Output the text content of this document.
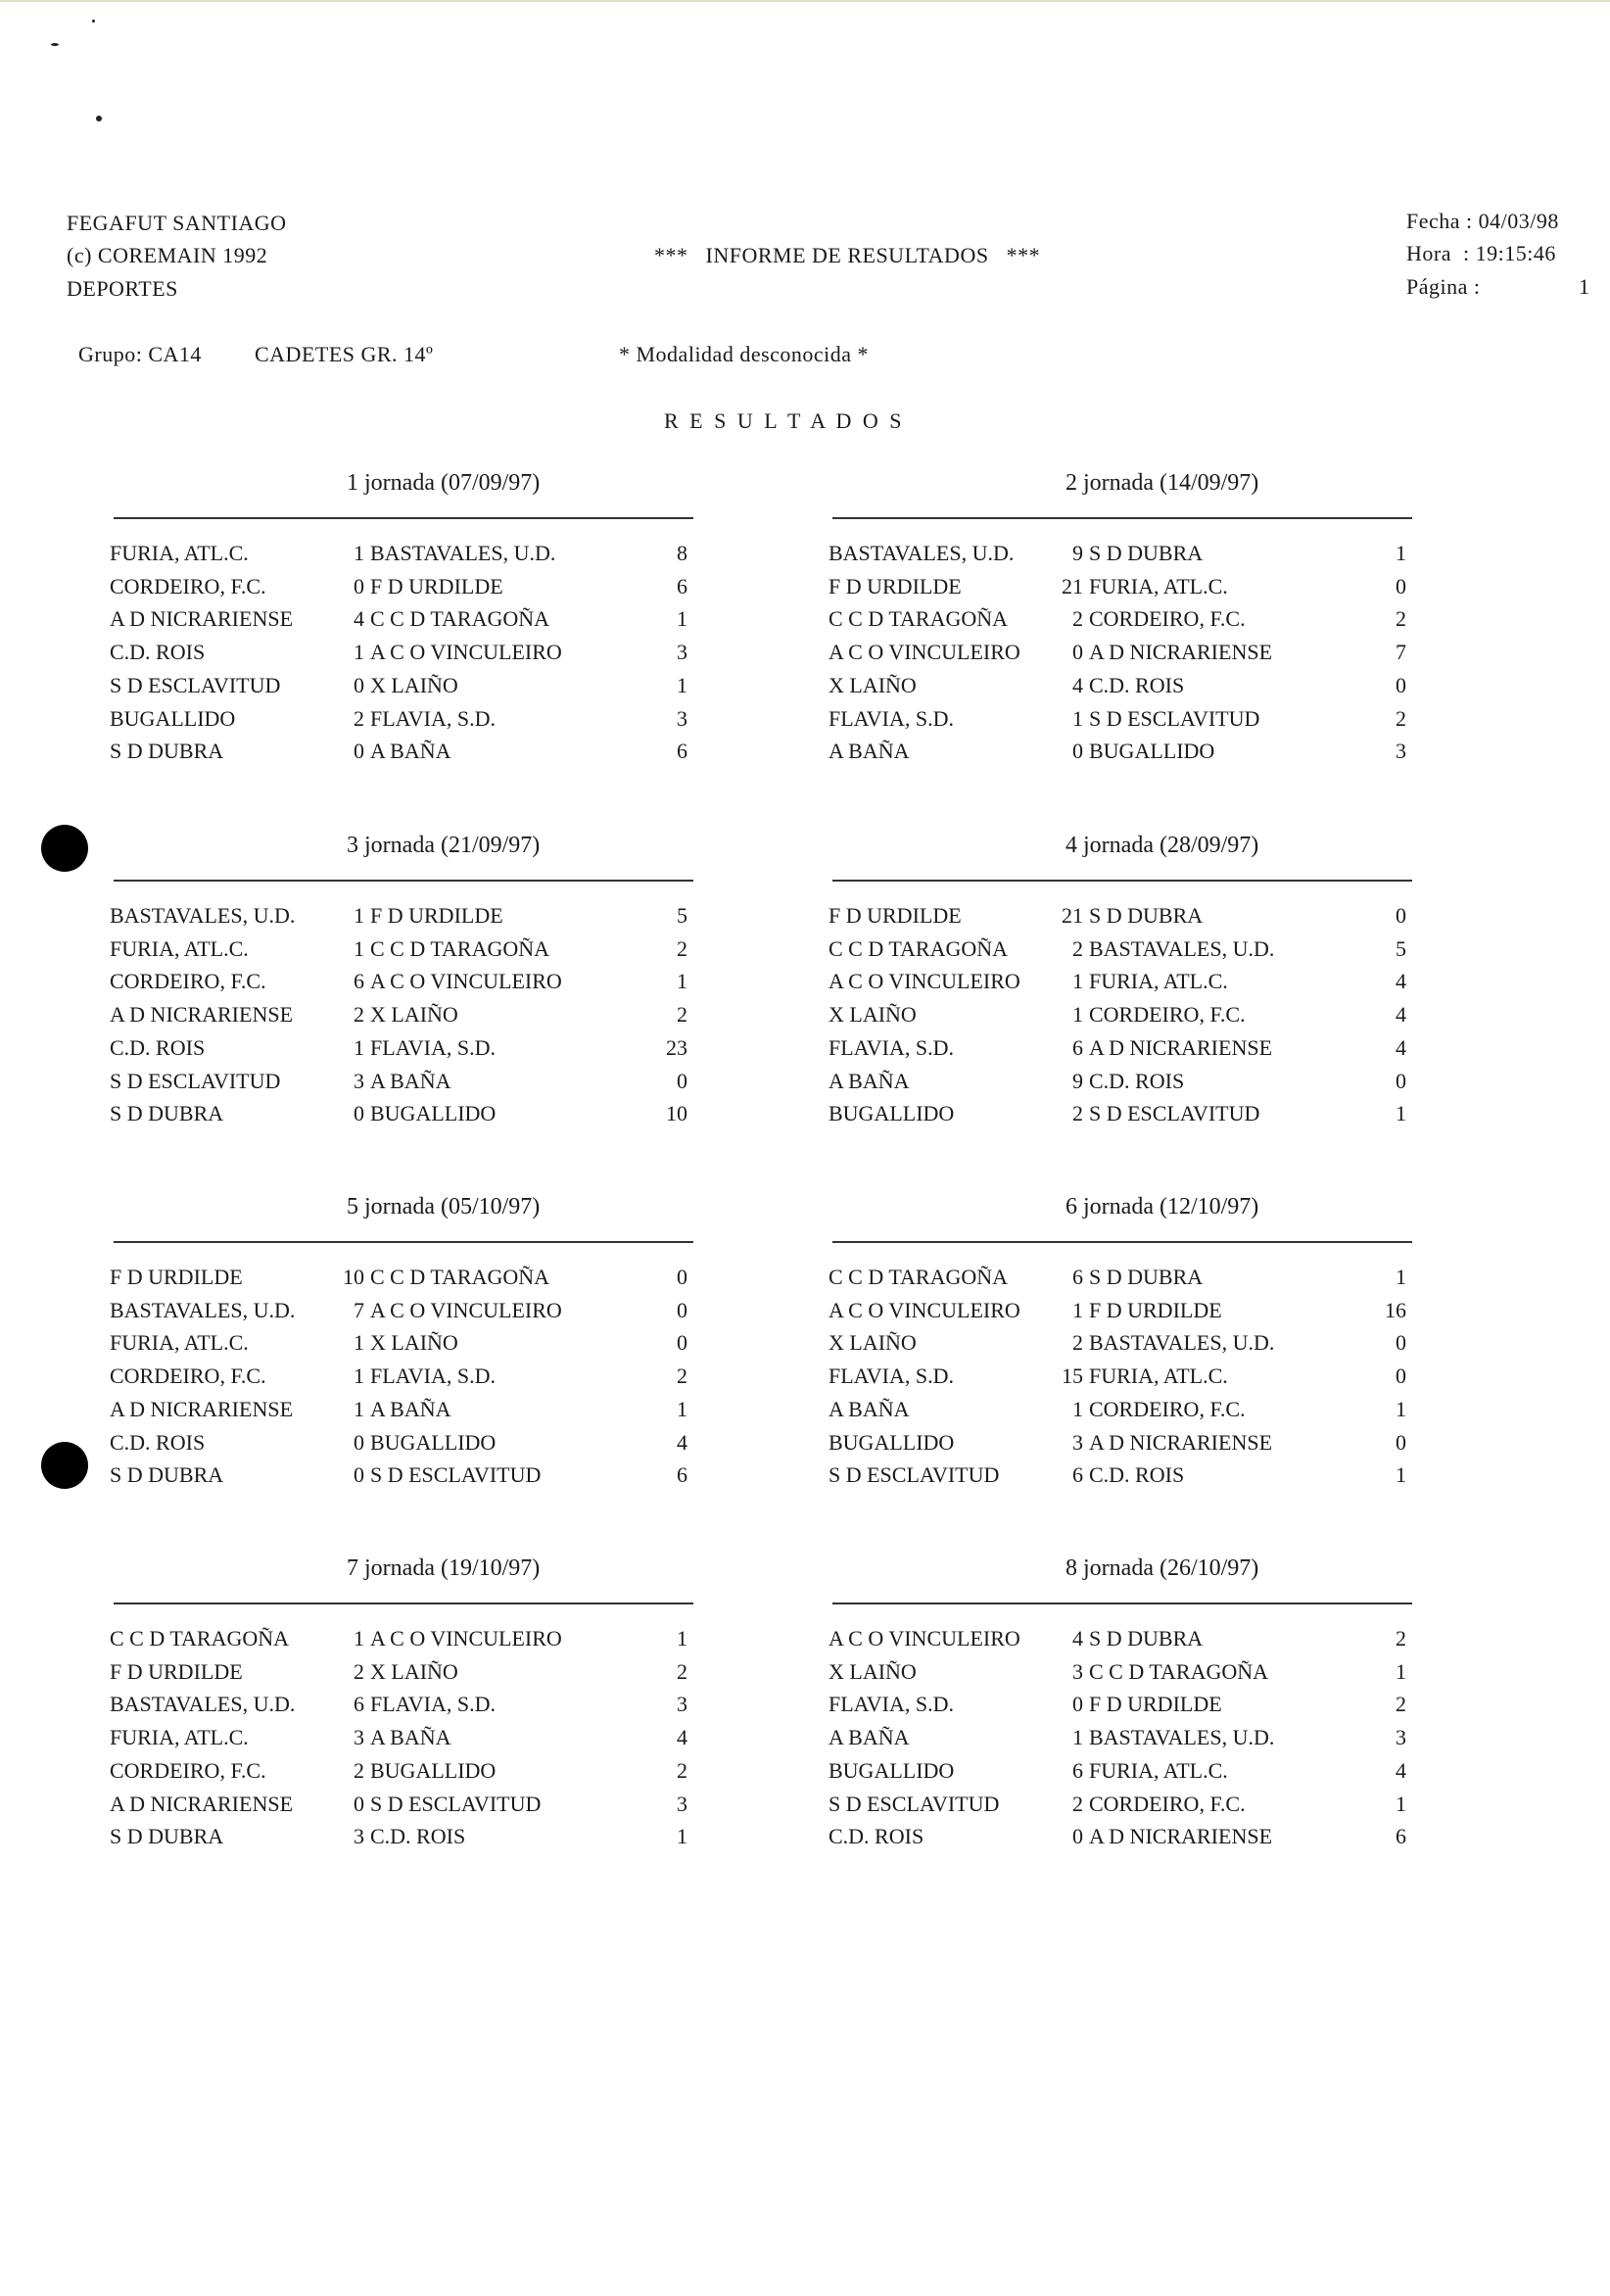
FEGAFUT SANTIAGO
(c) COREMAIN 1992
DEPORTES
***   INFORME DE RESULTADOS   ***
Fecha : 04/03/98
Hora  : 19:15:46
Página :	1
Grupo: CA14 CADETES GR. 14º	* Modalidad desconocida *
R E S U L T A D O S
1 jornada (07/09/97)
FURIA, ATL.C.	1 BASTAVALES, U.D.	8
CORDEIRO, F.C.	0 F D URDILDE	6
A D NICRARIENSE	4 C C D TARAGOÑA	1
C.D. ROIS	1 A C O VINCULEIRO	3
S D ESCLAVITUD	0 X LAIÑO	1
BUGALLIDO	2 FLAVIA, S.D.	3
S D DUBRA	0 A BAÑA	6
2 jornada (14/09/97)
BASTAVALES, U.D.	9 S D DUBRA	1
F D URDILDE	21 FURIA, ATL.C.	0
C C D TARAGOÑA	2 CORDEIRO, F.C.	2
A C O VINCULEIRO	0 A D NICRARIENSE	7
X LAIÑO	4 C.D. ROIS	0
FLAVIA, S.D.	1 S D ESCLAVITUD	2
A BAÑA	0 BUGALLIDO	3
3 jornada (21/09/97)
BASTAVALES, U.D.	1 F D URDILDE	5
FURIA, ATL.C.	1 C C D TARAGOÑA	2
CORDEIRO, F.C.	6 A C O VINCULEIRO	1
A D NICRARIENSE	2 X LAIÑO	2
C.D. ROIS	1 FLAVIA, S.D.	23
S D ESCLAVITUD	3 A BAÑA	0
S D DUBRA	0 BUGALLIDO	10
4 jornada (28/09/97)
F D URDILDE	21 S D DUBRA	0
C C D TARAGOÑA	2 BASTAVALES, U.D.	5
A C O VINCULEIRO	1 FURIA, ATL.C.	4
X LAIÑO	1 CORDEIRO, F.C.	4
FLAVIA, S.D.	6 A D NICRARIENSE	4
A BAÑA	9 C.D. ROIS	0
BUGALLIDO	2 S D ESCLAVITUD	1
5 jornada (05/10/97)
F D URDILDE	10 C C D TARAGOÑA	0
BASTAVALES, U.D.	7 A C O VINCULEIRO	0
FURIA, ATL.C.	1 X LAIÑO	0
CORDEIRO, F.C.	1 FLAVIA, S.D.	2
A D NICRARIENSE	1 A BAÑA	1
C.D. ROIS	0 BUGALLIDO	4
S D DUBRA	0 S D ESCLAVITUD	6
6 jornada (12/10/97)
C C D TARAGOÑA	6 S D DUBRA	1
A C O VINCULEIRO	1 F D URDILDE	16
X LAIÑO	2 BASTAVALES, U.D.	0
FLAVIA, S.D.	15 FURIA, ATL.C.	0
A BAÑA	1 CORDEIRO, F.C.	1
BUGALLIDO	3 A D NICRARIENSE	0
S D ESCLAVITUD	6 C.D. ROIS	1
7 jornada (19/10/97)
C C D TARAGOÑA	1 A C O VINCULEIRO	1
F D URDILDE	2 X LAIÑO	2
BASTAVALES, U.D.	6 FLAVIA, S.D.	3
FURIA, ATL.C.	3 A BAÑA	4
CORDEIRO, F.C.	2 BUGALLIDO	2
A D NICRARIENSE	0 S D ESCLAVITUD	3
S D DUBRA	3 C.D. ROIS	1
8 jornada (26/10/97)
A C O VINCULEIRO	4 S D DUBRA	2
X LAIÑO	3 C C D TARAGOÑA	1
FLAVIA, S.D.	0 F D URDILDE	2
A BAÑA	1 BASTAVALES, U.D.	3
BUGALLIDO	6 FURIA, ATL.C.	4
S D ESCLAVITUD	2 CORDEIRO, F.C.	1
C.D. ROIS	0 A D NICRARIENSE	6
